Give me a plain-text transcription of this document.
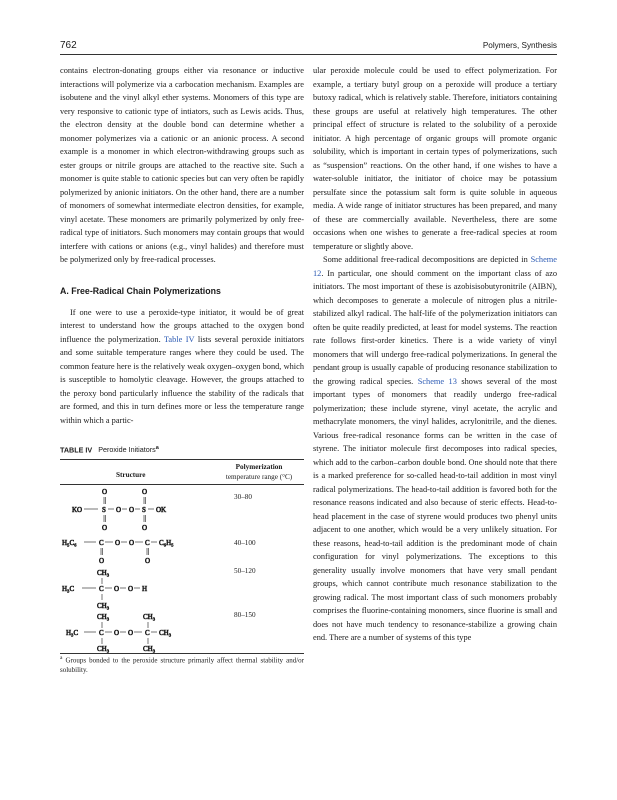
762	Polymers, Synthesis

contains electron-donating groups either via resonance or inductive interactions will polymerize via a carbocation mechanism. Examples are isobutene and the vinyl alkyl ether systems. Monomers of this type are very responsive to cationic type of intiators, such as Lewis acids. Thus, the electron density at the double bond can determine whether a monomer polymerizes via a cationic or an anionic process. A second example is a monomer in which electron-withdrawing groups such as ester groups or nitrile groups are attached to the reactive site. Such a monomer is quite stable to cationic species but can very often be rapidly polymerized by anionic initiators. On the other hand, there are a number of monomers of somewhat intermediate electron densities, for example, vinyl acetate. These monomers are primarily polymerized by only free-radical type of initiators. Such monomers may contain groups that would interfere with cations or anions (e.g., vinyl halides) and therefore must be polymerized only by free-radical processes.

A. Free-Radical Chain Polymerizations

If one were to use a peroxide-type initiator, it would be of great interest to understand how the groups attached to the oxygen bond influence the polymerization. Table IV lists several peroxide initiators and some suitable temperature ranges where they could be used. The common feature here is the relatively weak oxygen–oxygen bond, which is susceptible to homolytic cleavage. However, the groups attached to the peroxy bond particularly influence the stability of the radicals that are formed, and this in turn defines more or less the temperature range within which a partic-

TABLE IV Peroxide Initiators$^a$
Structure
Polymerization
temperature range (°C)
O	O
KO	S O O S OK
O	O
30–80
H₅C₆	C O O C C₆H₅
O	O
40–100
CH₃
H₃C	C O O H
CH₃
50–120
CH₃	CH₃
H₃C	C O O C CH₃
CH₃	CH₃
80–150

$^a$ Groups bonded to the peroxide structure primarily affect thermal stability and/or solubility.

ular peroxide molecule could be used to effect polymerization. For example, a tertiary butyl group on a peroxide will produce a tertiary butoxy radical, which is relatively stable. Therefore, initiators containing these groups are useful at relatively high temperatures. The other principal effect of structure is related to the solubility of a peroxide initiator. A high percentage of organic groups will promote organic solubility, which is important in certain types of polymerizations, such as “suspension” reactions. On the other hand, if one wishes to have a water-soluble initiator, the initiator of choice may be potassium persulfate since the potassium salt form is quite soluble in aqueous media. A wide range of initiator structures has been prepared, and many of these are commercially available. Nevertheless, there are some occasions when one wishes to generate a free-radical species at room temperature or slightly above.

Some additional free-radical decompositions are depicted in Scheme 12. In particular, one should comment on the important class of azo initiators. The most important of these is azobisisobutyronitrile (AIBN), which decomposes to generate a molecule of nitrogen plus a nitrile-stabilized alkyl radical. The half-life of the polymerization initiators can often be quite readily predicted, at least for model systems. The reaction rate follows first-order kinetics. There is a wide variety of vinyl monomers that will undergo free-radical polymerizations. In general the pendant group is usually capable of producing resonance stabilization to the growing radical species. Scheme 13 shows several of the most important types of monomers that readily undergo free-radical polymerization; these include styrene, vinyl acetate, the acrylic and methacrylate monomers, the vinyl halides, acrylonitrile, and the dienes. Various free-radical resonance forms can be written in the case of styrene. The initiator molecule first decomposes into radical species, which add to the carbon–carbon double bond. One should note that there is a marked preference for so-called head-to-tail addition in most vinyl radical polymerizations. The head-to-tail addition is favored both for the resonance reasons indicated and also because of steric effects. Head-to-head placement in the case of styrene would produces two phenyl units adjacent to one another, which would be a very unlikely situation. For these reasons, head-to-tail addition is the predominant mode of chain configuration for vinyl polymerizations. The exceptions to this generality usually involve monomers that have very small pendant groups, which cannot contribute much resonance stabilization to the growing radical. The most important class of such monomers probably comprises the fluorine-containing monomers, since fluorine is small and does not have much tendency to resonance-stabilize a growing chain end. There are a number of systems of this type
